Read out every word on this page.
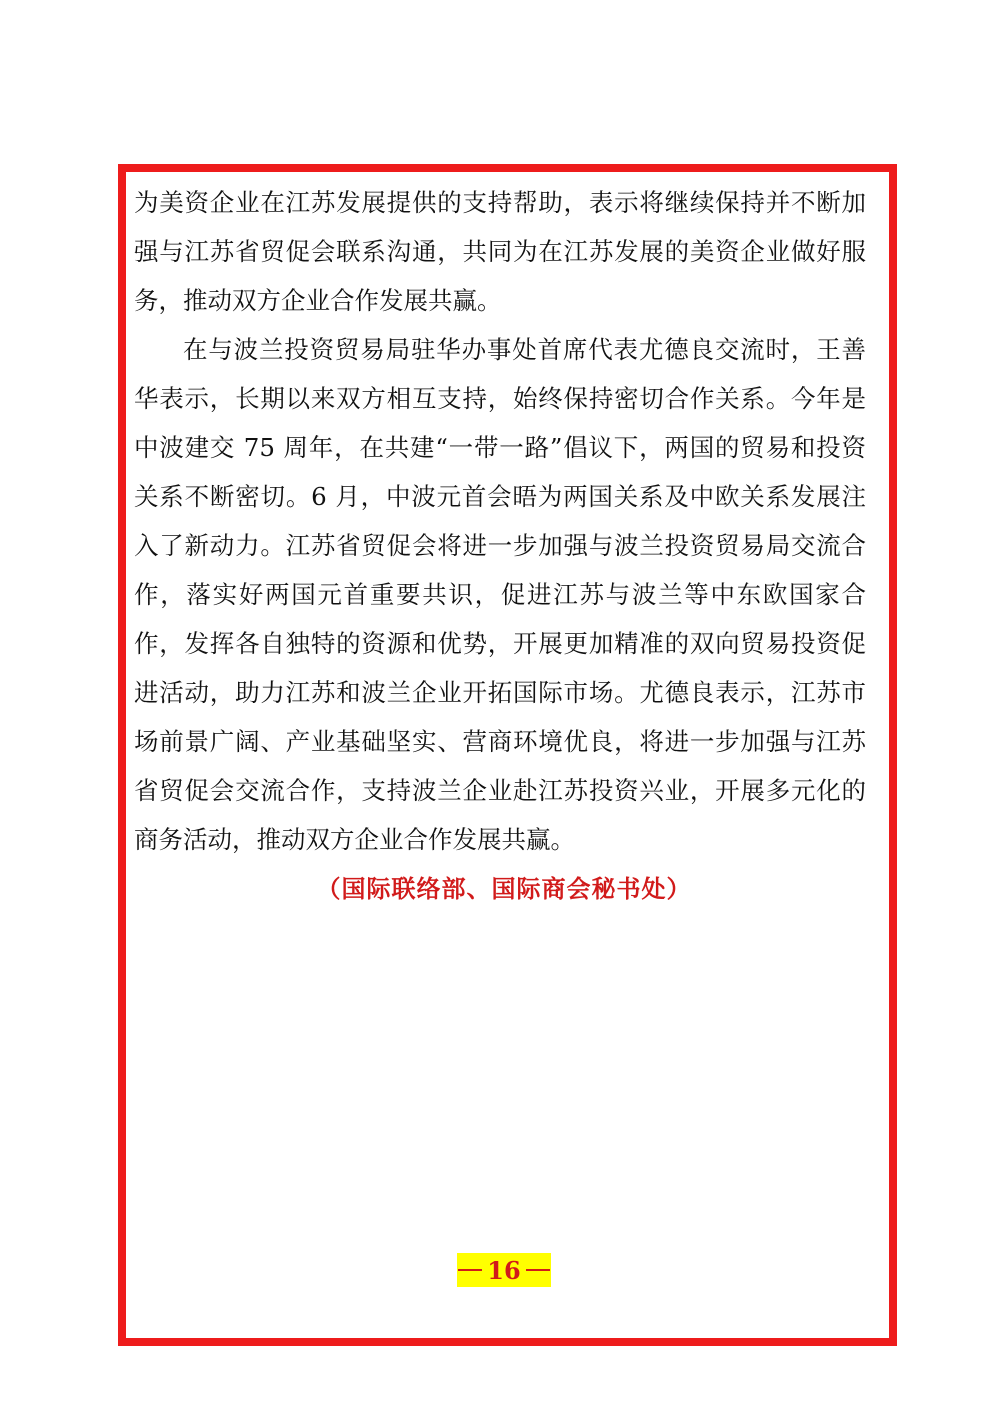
为美资企业在江苏发展提供的支持帮助，表示将继续保持并不断加强与江苏省贸促会联系沟通，共同为在江苏发展的美资企业做好服务，推动双方企业合作发展共赢。

在与波兰投资贸易局驻华办事处首席代表尤德良交流时，王善华表示，长期以来双方相互支持，始终保持密切合作关系。今年是中波建交 75 周年，在共建“一带一路”倡议下，两国的贸易和投资关系不断密切。6 月，中波元首会晤为两国关系及中欧关系发展注入了新动力。江苏省贸促会将进一步加强与波兰投资贸易局交流合作，落实好两国元首重要共识，促进江苏与波兰等中东欧国家合作，发挥各自独特的资源和优势，开展更加精准的双向贸易投资促进活动，助力江苏和波兰企业开拓国际市场。尤德良表示，江苏市场前景广阔、产业基础坚实、营商环境优良，将进一步加强与江苏省贸促会交流合作，支持波兰企业赴江苏投资兴业，开展多元化的商务活动，推动双方企业合作发展共赢。

（国际联络部、国际商会秘书处）

16
